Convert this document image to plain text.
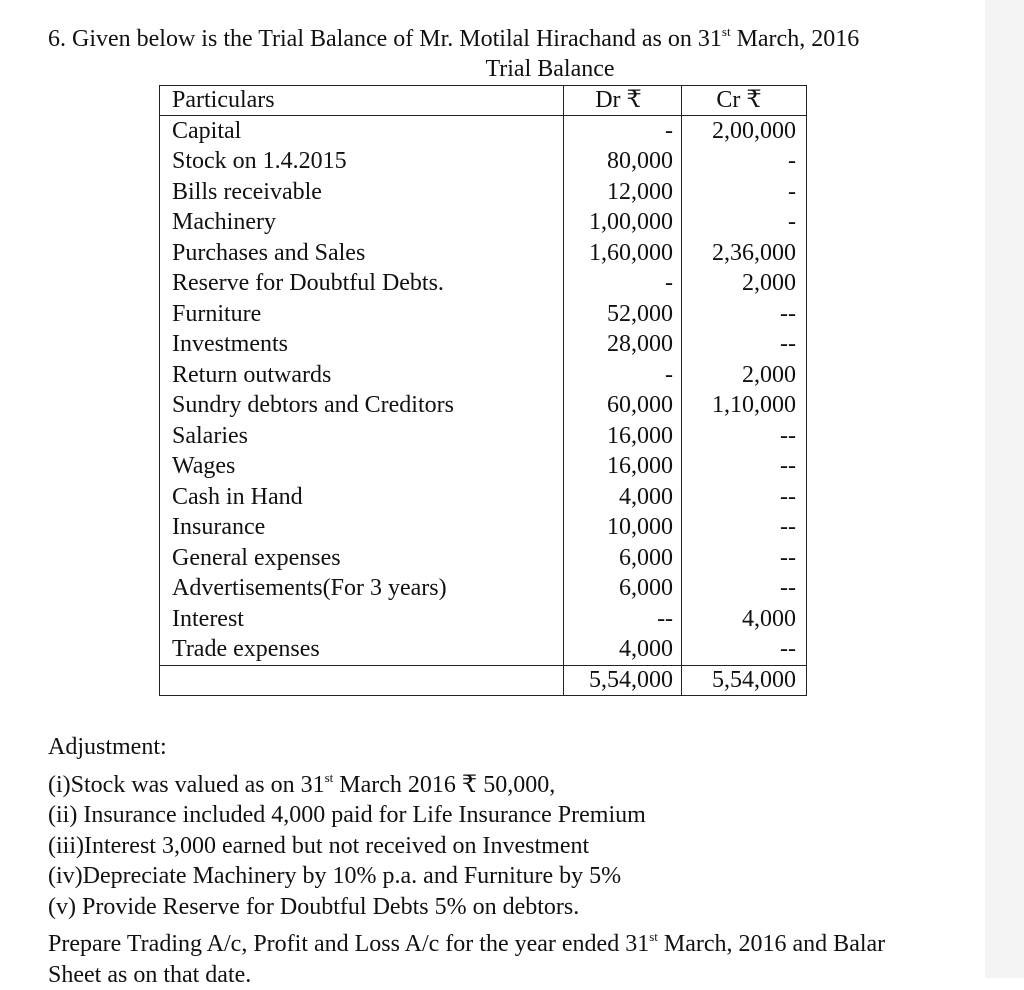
6. Given below is the Trial Balance of Mr. Motilal Hirachand as on 31st March, 2016
Trial Balance
Particulars	Dr ₹	Cr ₹
Capital	-	2,00,000
Stock on 1.4.2015	80,000	-
Bills receivable	12,000	-
Machinery	1,00,000	-
Purchases and Sales	1,60,000	2,36,000
Reserve for Doubtful Debts.	-	2,000
Furniture	52,000	--
Investments	28,000	--
Return outwards	-	2,000
Sundry debtors and Creditors	60,000	1,10,000
Salaries	16,000	--
Wages	16,000	--
Cash in Hand	4,000	--
Insurance	10,000	--
General expenses	6,000	--
Advertisements(For 3 years)	6,000	--
Interest	--	4,000
Trade expenses	4,000	--
	5,54,000	5,54,000
Adjustment:
(i)Stock was valued as on 31st March 2016 ₹ 50,000,
(ii) Insurance included 4,000 paid for Life Insurance Premium
(iii)Interest 3,000 earned but not received on Investment
(iv)Depreciate Machinery by 10% p.a. and Furniture by 5%
(v) Provide Reserve for Doubtful Debts 5% on debtors.
Prepare Trading A/c, Profit and Loss A/c for the year ended 31st March, 2016 and Balar
Sheet as on that date.
